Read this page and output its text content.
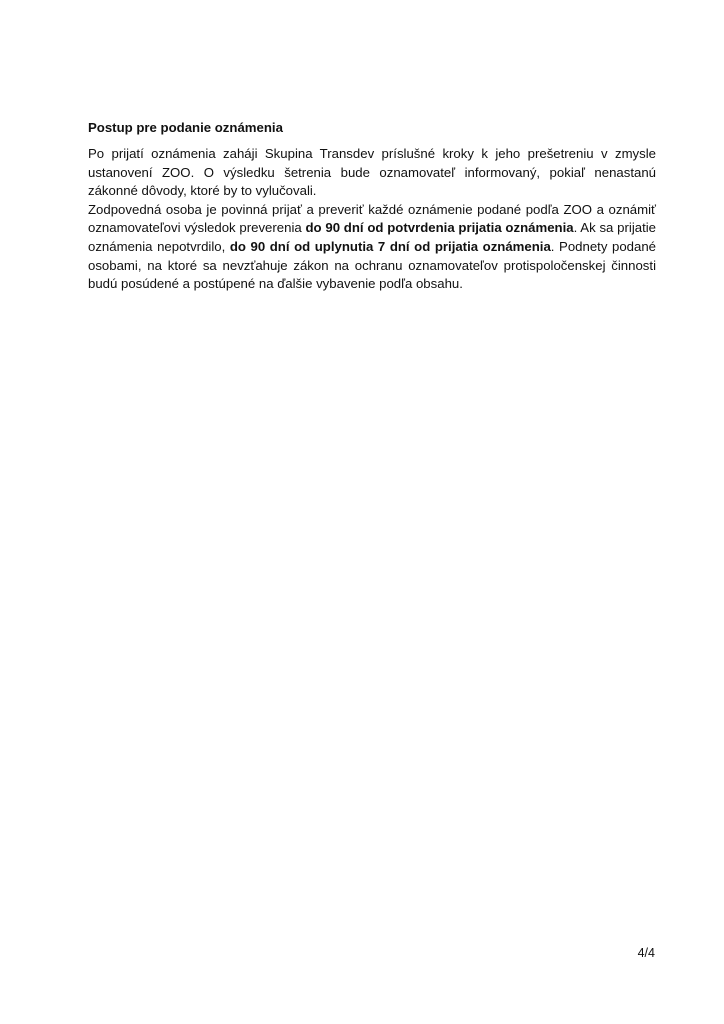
Postup pre podanie oznámenia

Po prijatí oznámenia zaháji Skupina Transdev príslušné kroky k jeho prešetreniu v zmysle ustanovení ZOO. O výsledku šetrenia bude oznamovateľ informovaný, pokiaľ nenastanú zákonné dôvody, ktoré by to vylučovali.

Zodpovedná osoba je povinná prijať a preveriť každé oznámenie podané podľa ZOO a oznámiť oznamovateľovi výsledok preverenia do 90 dní od potvrdenia prijatia oznámenia. Ak sa prijatie oznámenia nepotvrdilo, do 90 dní od uplynutia 7 dní od prijatia oznámenia. Podnety podané osobami, na ktoré sa nevzťahuje zákon na ochranu oznamovateľov protispoločenskej činnosti budú posúdené a postúpené na ďalšie vybavenie podľa obsahu.

4/4
